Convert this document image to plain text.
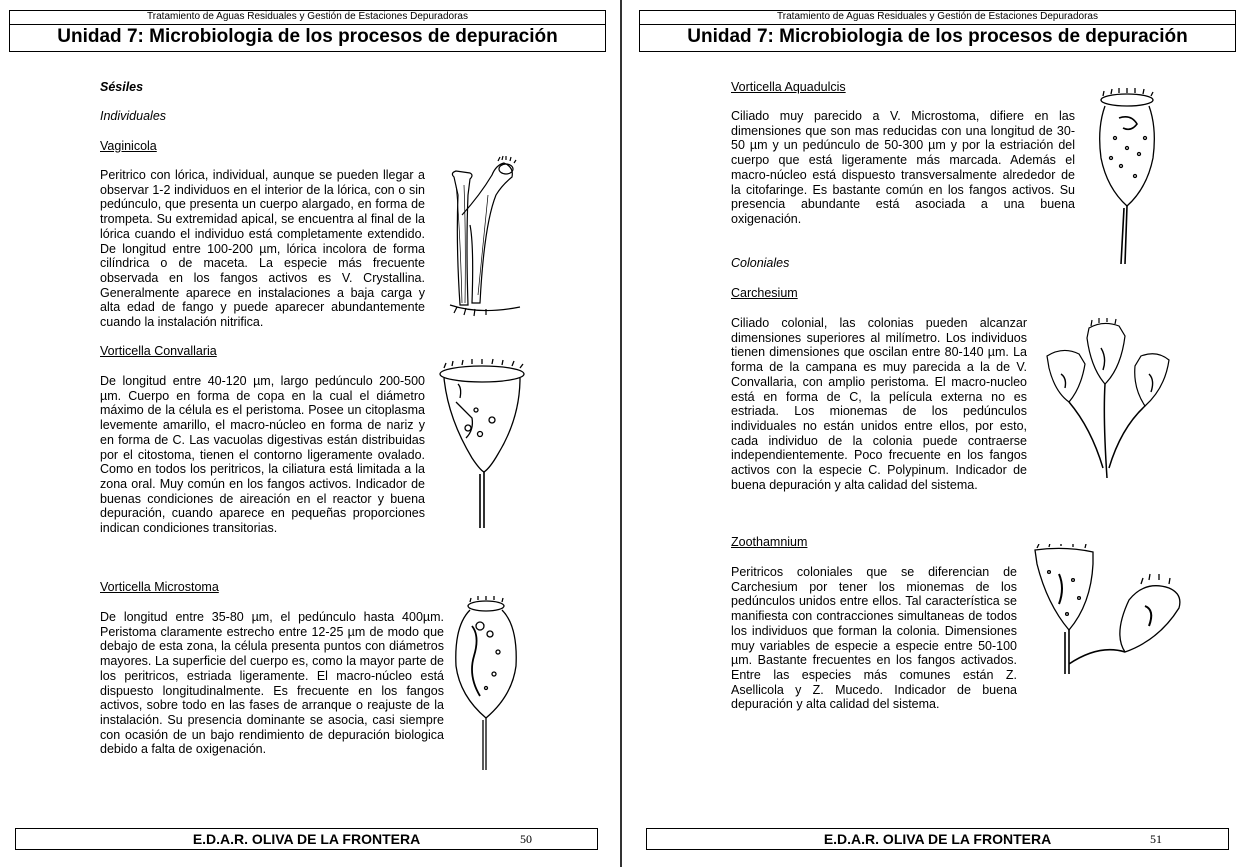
Tratamiento de Aguas Residuales y Gestión de Estaciones Depuradoras
Unidad 7: Microbiologia de los procesos de depuración
Sésiles
Individuales
Vaginicola
Peritrico con lórica, individual, aunque se pueden llegar a observar 1-2 individuos en el interior de la lórica, con o sin pedúnculo, que presenta un cuerpo alargado, en forma de trompeta. Su extremidad apical, se encuentra al final de la lórica cuando el individuo está completamente extendido. De longitud entre 100-200 µm, lórica incolora de forma cilíndrica o de maceta. La especie más frecuente observada en los fangos activos es V. Crystallina. Generalmente aparece en instalaciones a baja carga y alta edad de fango y puede aparecer abundantemente cuando la instalación nitrifica.
Vorticella Convallaria
De longitud entre 40-120 µm, largo pedúnculo 200-500 µm. Cuerpo en forma de copa en la cual el diámetro máximo de la célula es el peristoma. Posee un citoplasma levemente amarillo, el macro-núcleo en forma de nariz y en forma de C. Las vacuolas digestivas están distribuidas por el citostoma, tienen el contorno ligeramente ovalado. Como en todos los peritricos, la ciliatura está limitada a la zona oral. Muy común en los fangos activos. Indicador de buenas condiciones de aireación en el reactor y buena depuración, cuando aparece en pequeñas proporciones indican condiciones transitorias.
Vorticella Microstoma
De longitud entre 35-80 µm, el pedúnculo hasta 400µm. Peristoma claramente estrecho entre 12-25 µm de modo que debajo de esta zona, la célula presenta puntos con diámetros mayores. La superficie del cuerpo es, como la mayor parte de los peritricos, estriada ligeramente. El macro-núcleo está dispuesto longitudinalmente. Es frecuente en los fangos activos, sobre todo en las fases de arranque o reajuste de la instalación. Su presencia dominante se asocia, casi siempre con ocasión de un bajo rendimiento de depuración biologica debido a falta de oxigenación.
E.D.A.R. OLIVA DE LA FRONTERA	50
Tratamiento de Aguas Residuales y Gestión de Estaciones Depuradoras
Unidad 7: Microbiologia de los procesos de depuración
Vorticella Aquadulcis
Ciliado muy parecido a V. Microstoma, difiere en las dimensiones que son mas reducidas con una longitud de 30-50 µm y un pedúnculo de 50-300 µm y por la estriación del cuerpo que está ligeramente más marcada. Además el macro-núcleo está dispuesto transversalmente alrededor de la citofaringe. Es bastante común en los fangos activos. Su presencia abundante está asociada a una buena oxigenación.
Coloniales
Carchesium
Ciliado colonial, las colonias pueden alcanzar dimensiones superiores al milímetro. Los individuos tienen dimensiones que oscilan entre 80-140 µm. La forma de la campana es muy parecida a la de V. Convallaria, con amplio peristoma. El macro-nucleo está en forma de C, la película externa no es estriada. Los mionemas de los pedúnculos individuales no están unidos entre ellos, por esto, cada individuo de la colonia puede contraerse independientemente. Poco frecuente en los fangos activos con la especie C. Polypinum. Indicador de buena depuración y alta calidad del sistema.
Zoothamnium
Peritricos coloniales que se diferencian de Carchesium por tener los mionemas de los pedúnculos unidos entre ellos. Tal característica se manifiesta con contracciones simultaneas de todos los individuos que forman la colonia. Dimensiones muy variables de especie a especie entre 50-100 µm. Bastante frecuentes en los fangos activados. Entre las especies más comunes están Z. Asellicola y Z. Mucedo. Indicador de buena depuración y alta calidad del sistema.
E.D.A.R. OLIVA DE LA FRONTERA	51
